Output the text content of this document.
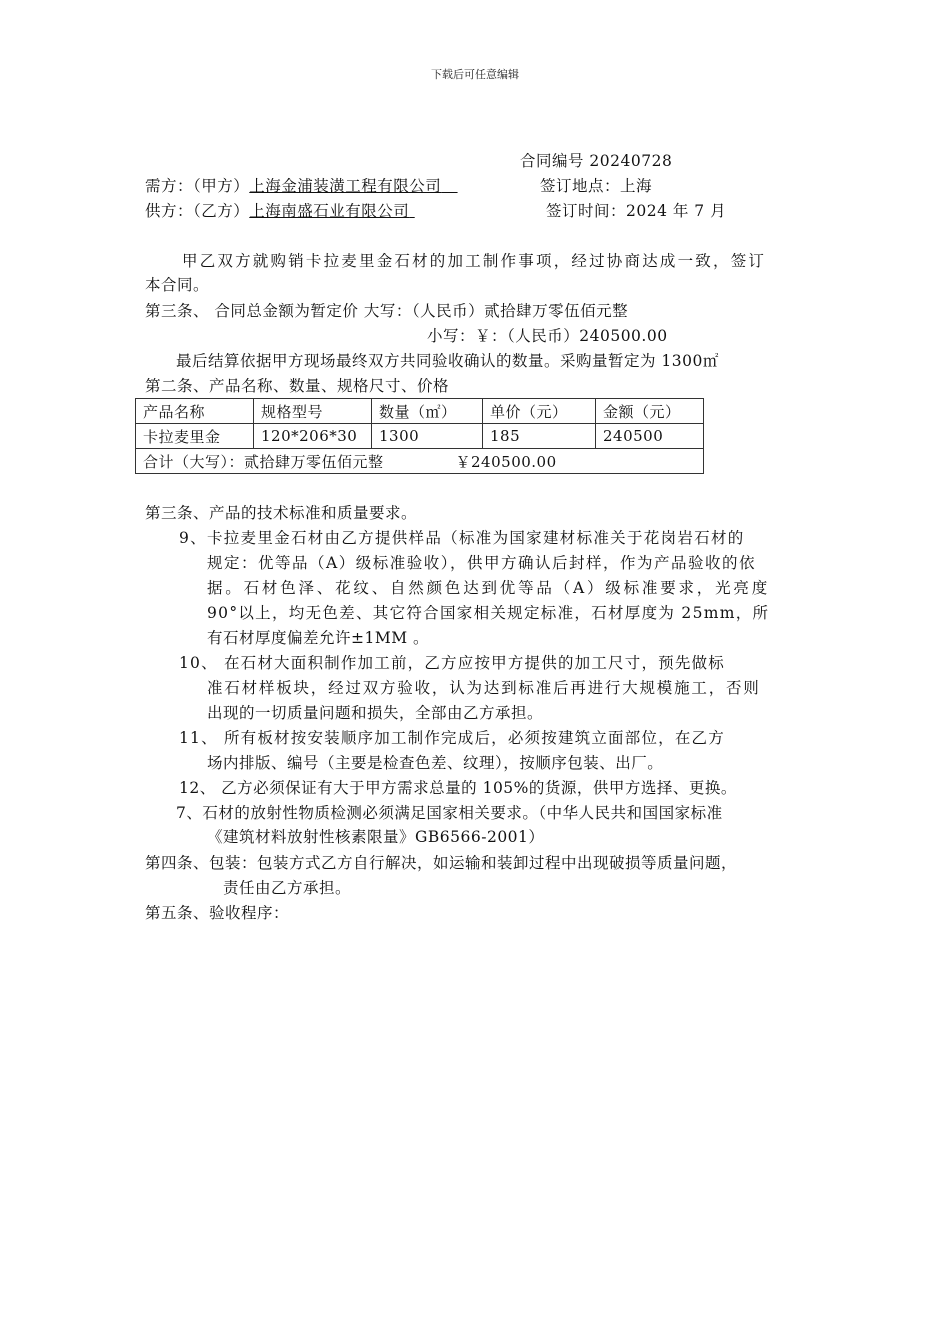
下载后可任意编辑
合同编号 20240728
需方：（甲方）上海金浦装潢工程有限公司	签订地点：上海
供方：（乙方）上海南盛石业有限公司	签订时间：2024 年 7 月
甲乙双方就购销卡拉麦里金石材的加工制作事项，经过协商达成一致，签订
本合同。
第三条、 合同总金额为暂定价 大写：（人民币）贰拾肆万零伍佰元整
小写：￥：（人民币）240500.00
最后结算依据甲方现场最终双方共同验收确认的数量。采购量暂定为 1300㎡
第二条、产品名称、数量、规格尺寸、价格
产品名称	规格型号	数量（㎡）	单价（元）	金额（元）
卡拉麦里金	120*206*30	1300	185	240500
合计（大写）：贰拾肆万零伍佰元整 ￥240500.00				
第三条、产品的技术标准和质量要求。
9、卡拉麦里金石材由乙方提供样品（标准为国家建材标准关于花岗岩石材的
规定：优等品（A）级标准验收），供甲方确认后封样，作为产品验收的依
据。石材色泽、花纹、自然颜色达到优等品（A）级标准要求，光亮度
90°以上，均无色差、其它符合国家相关规定标准，石材厚度为 25mm，所
有石材厚度偏差允许±1MM 。
10、 在石材大面积制作加工前，乙方应按甲方提供的加工尺寸，预先做标
准石材样板块，经过双方验收，认为达到标准后再进行大规模施工，否则
出现的一切质量问题和损失，全部由乙方承担。
11、 所有板材按安装顺序加工制作完成后，必须按建筑立面部位，在乙方
场内排版、编号（主要是检查色差、纹理），按顺序包装、出厂。
12、 乙方必须保证有大于甲方需求总量的 105%的货源，供甲方选择、更换。
7、石材的放射性物质检测必须满足国家相关要求。（中华人民共和国国家标准
《建筑材料放射性核素限量》GB6566-2001）
第四条、包装：包装方式乙方自行解决，如运输和装卸过程中出现破损等质量问题，
责任由乙方承担。
第五条、验收程序：
